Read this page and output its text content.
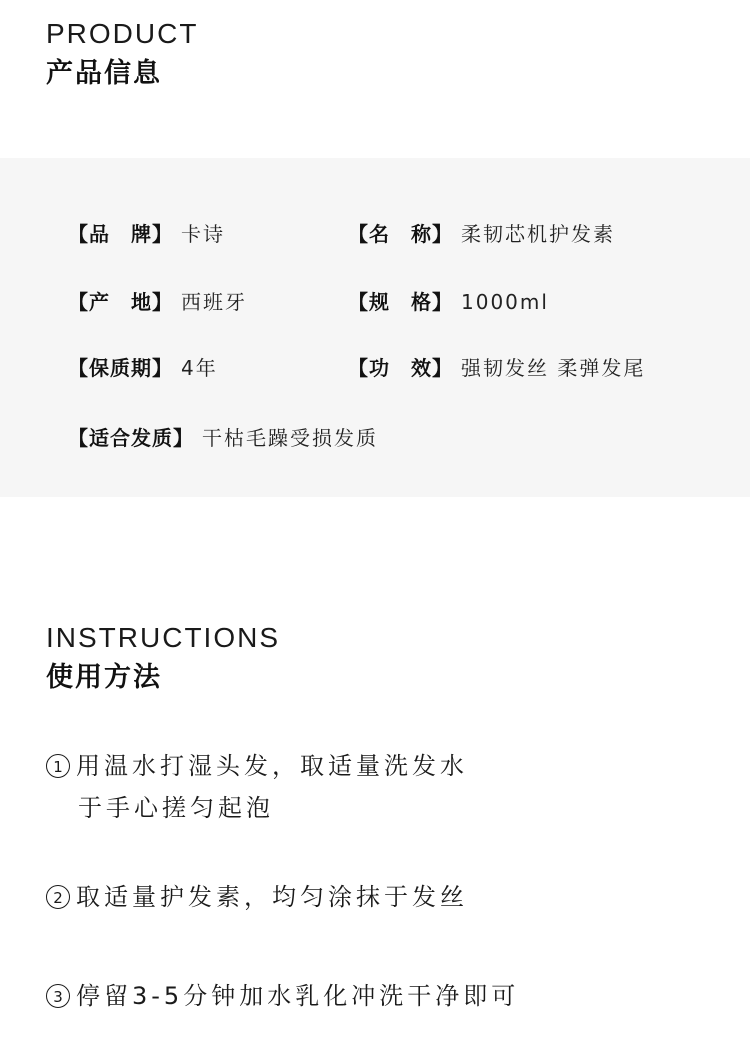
PRODUCT
产品信息
【品　牌】 卡诗	【名　称】 柔韧芯机护发素
【产　地】 西班牙	【规　格】 1000ml
【保质期】 4年	【功　效】 强韧发丝 柔弹发尾
【适合发质】 干枯毛躁受损发质
INSTRUCTIONS
使用方法
1 用温水打湿头发，取适量洗发水
于手心搓匀起泡
2 取适量护发素，均匀涂抹于发丝
3 停留3-5分钟加水乳化冲洗干净即可
